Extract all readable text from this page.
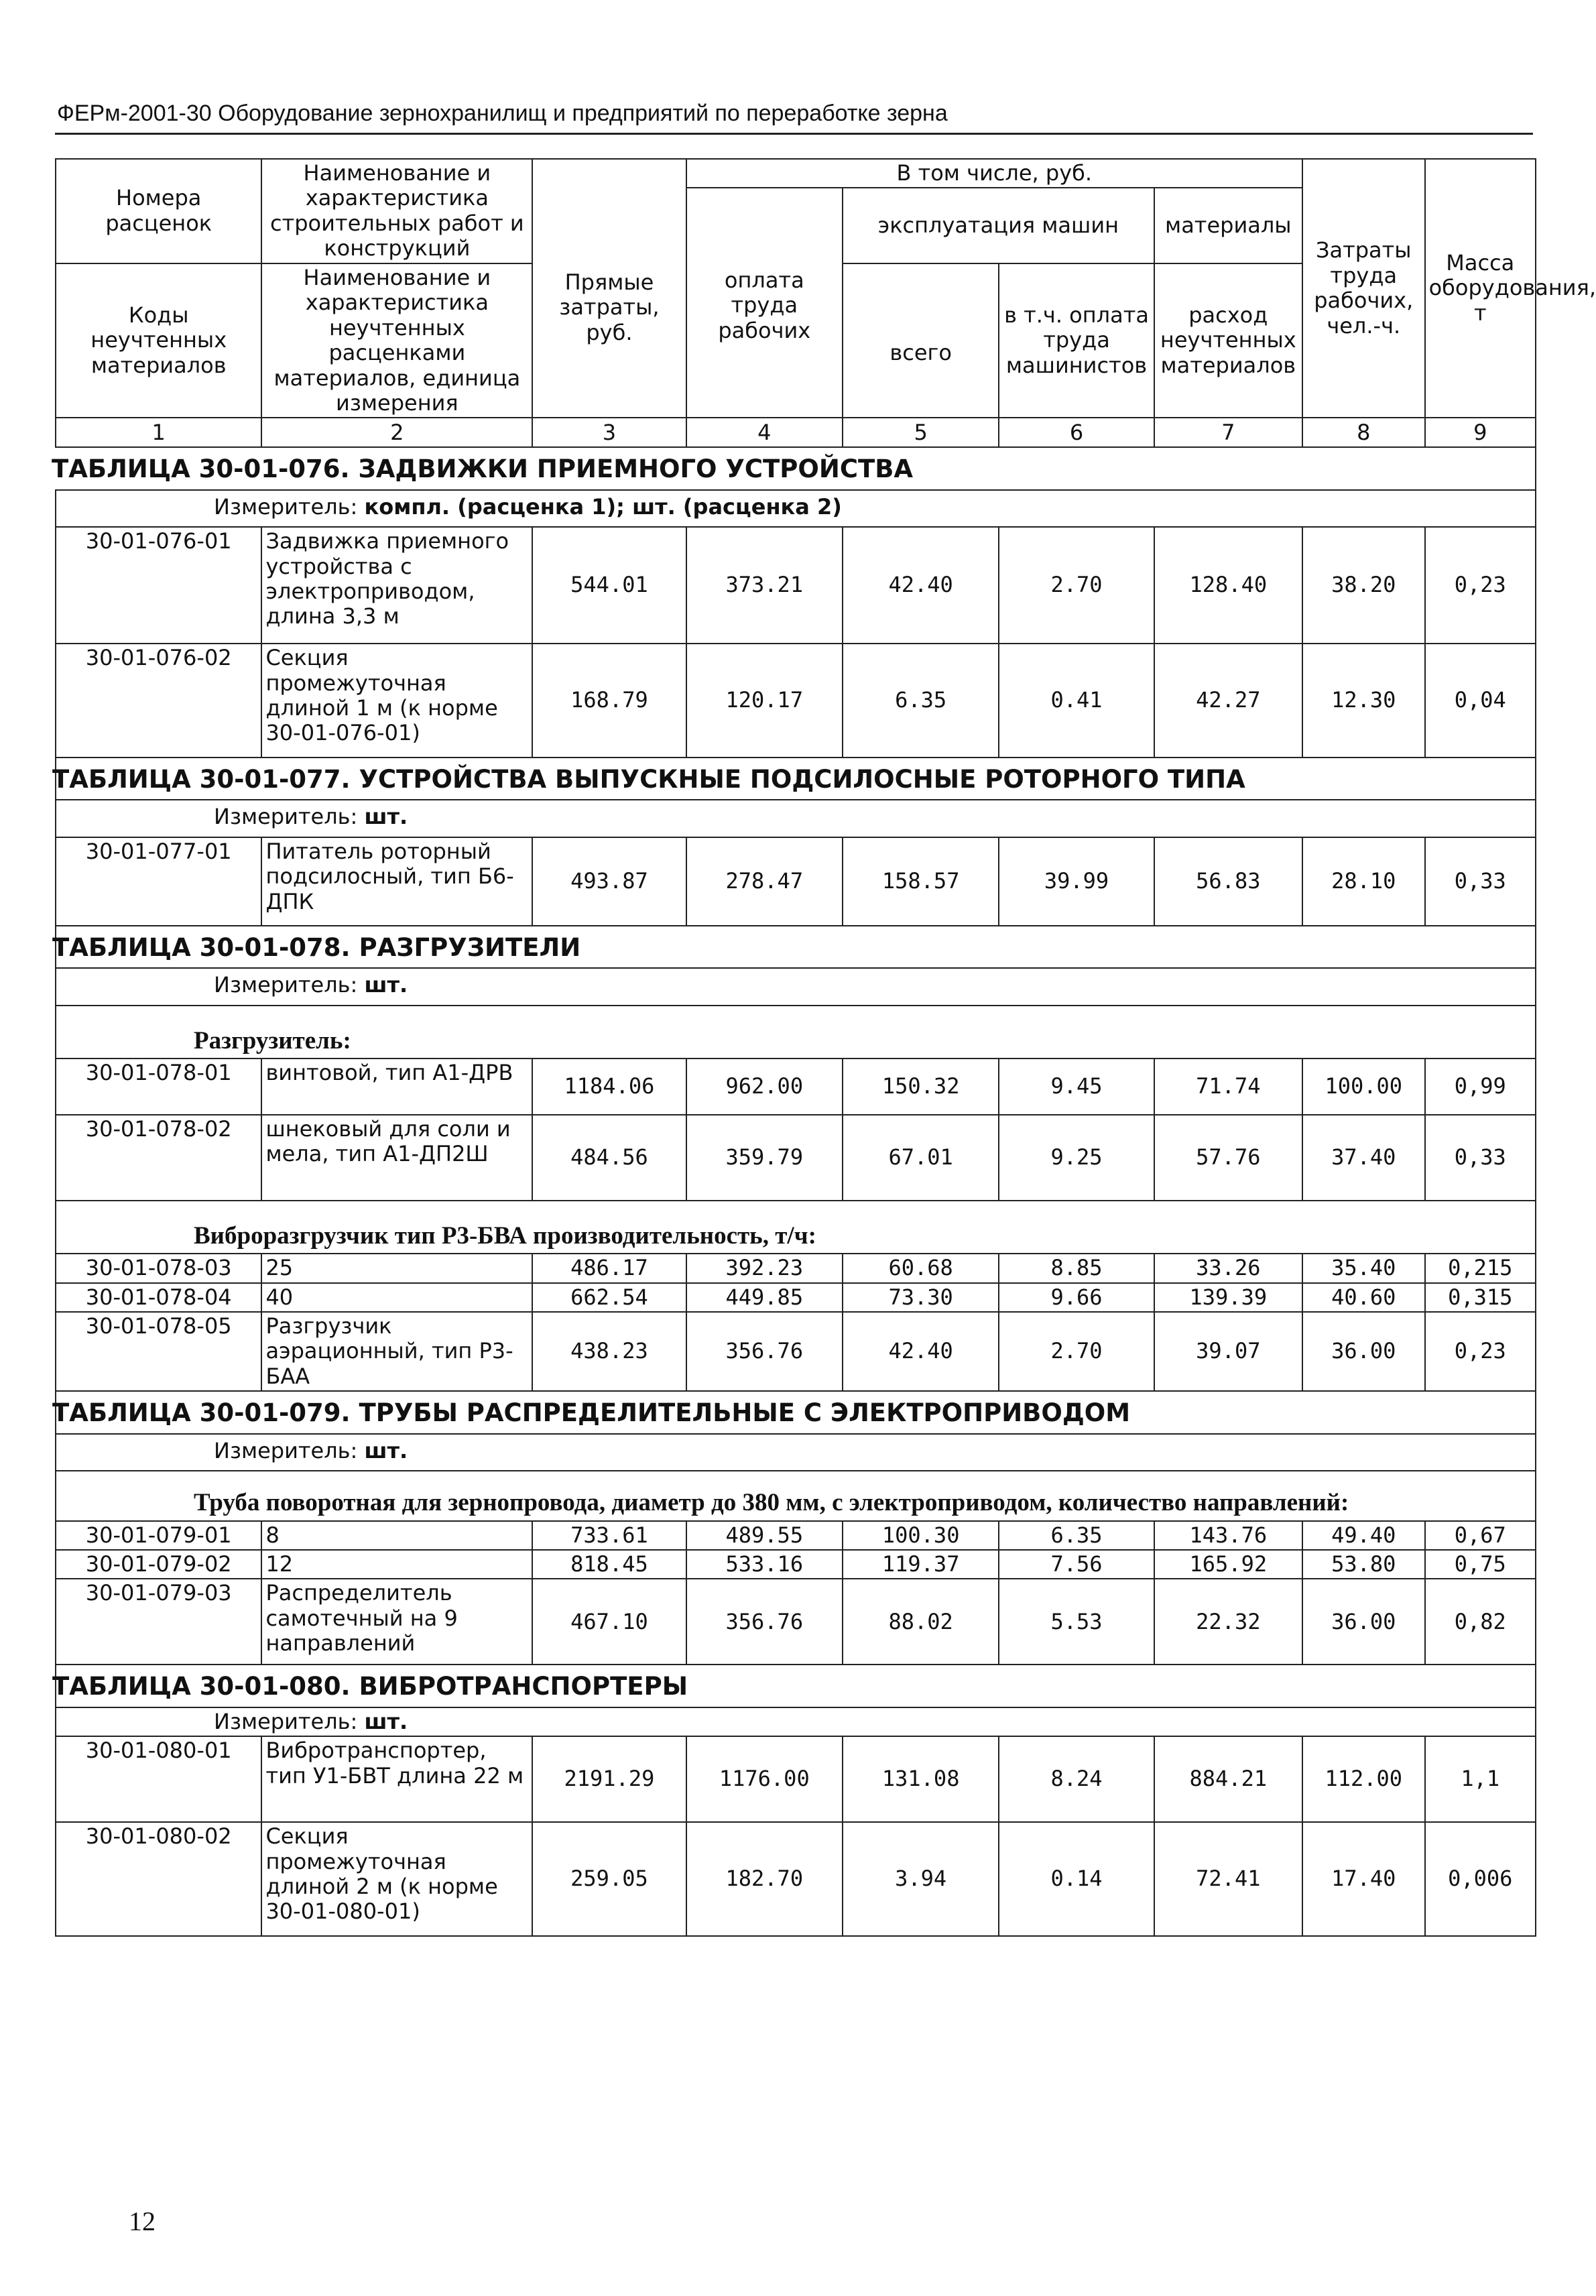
ФЕРм-2001-30 Оборудование зернохранилищ и предприятий по переработке зерна
Номера расценок	Наименование и характеристика строительных работ и конструкций	Прямые затраты, руб.	В том числе, руб.				Затраты труда рабочих, чел.-ч.	Масса оборудования, т
			оплата труда рабочих	эксплуатация машин		материалы		
Коды неучтенных материалов	Наименование и характеристика неучтенных расценками материалов, единица измерения			всего	в т.ч. оплата труда машинистов	расход неучтенных материалов		

1	2	3	4	5	6	7	8	9
ТАБЛИЦА 30-01-076. ЗАДВИЖКИ ПРИЕМНОГО УСТРОЙСТВА								
Измеритель: компл. (расценка 1); шт. (расценка 2)								
30-01-076-01	Задвижка приемного устройства с электроприводом, длина 3,3 м	544.01	373.21	42.40	2.70	128.40	38.20	0,23
30-01-076-02	Секция промежуточная длиной 1 м (к норме 30-01-076-01)	168.79	120.17	6.35	0.41	42.27	12.30	0,04
ТАБЛИЦА 30-01-077. УСТРОЙСТВА ВЫПУСКНЫЕ ПОДСИЛОСНЫЕ РОТОРНОГО ТИПА								
Измеритель: шт.								
30-01-077-01	Питатель роторный подсилосный, тип Б6-ДПК	493.87	278.47	158.57	39.99	56.83	28.10	0,33
ТАБЛИЦА 30-01-078. РАЗГРУЗИТЕЛИ								
Измеритель: шт.								
Разгрузитель:								
30-01-078-01	винтовой, тип А1-ДРВ	1184.06	962.00	150.32	9.45	71.74	100.00	0,99
30-01-078-02	шнековый для соли и мела, тип А1-ДП2Ш	484.56	359.79	67.01	9.25	57.76	37.40	0,33
Виброразгрузчик тип Р3-БВА производительность, т/ч:								
30-01-078-03	25	486.17	392.23	60.68	8.85	33.26	35.40	0,215
30-01-078-04	40	662.54	449.85	73.30	9.66	139.39	40.60	0,315
30-01-078-05	Разгрузчик аэрационный, тип Р3-БАА	438.23	356.76	42.40	2.70	39.07	36.00	0,23
ТАБЛИЦА 30-01-079. ТРУБЫ РАСПРЕДЕЛИТЕЛЬНЫЕ С ЭЛЕКТРОПРИВОДОМ								
Измеритель: шт.								
Труба поворотная для зернопровода, диаметр до 380 мм, с электроприводом, количество направлений:								
30-01-079-01	8	733.61	489.55	100.30	6.35	143.76	49.40	0,67
30-01-079-02	12	818.45	533.16	119.37	7.56	165.92	53.80	0,75
30-01-079-03	Распределитель самотечный на 9 направлений	467.10	356.76	88.02	5.53	22.32	36.00	0,82
ТАБЛИЦА 30-01-080. ВИБРОТРАНСПОРТЕРЫ								
Измеритель: шт.								
30-01-080-01	Вибротранспортер, тип У1-БВТ длина 22 м	2191.29	1176.00	131.08	8.24	884.21	112.00	1,1
30-01-080-02	Секция промежуточная длиной 2 м (к норме 30-01-080-01)	259.05	182.70	3.94	0.14	72.41	17.40	0,006
12
